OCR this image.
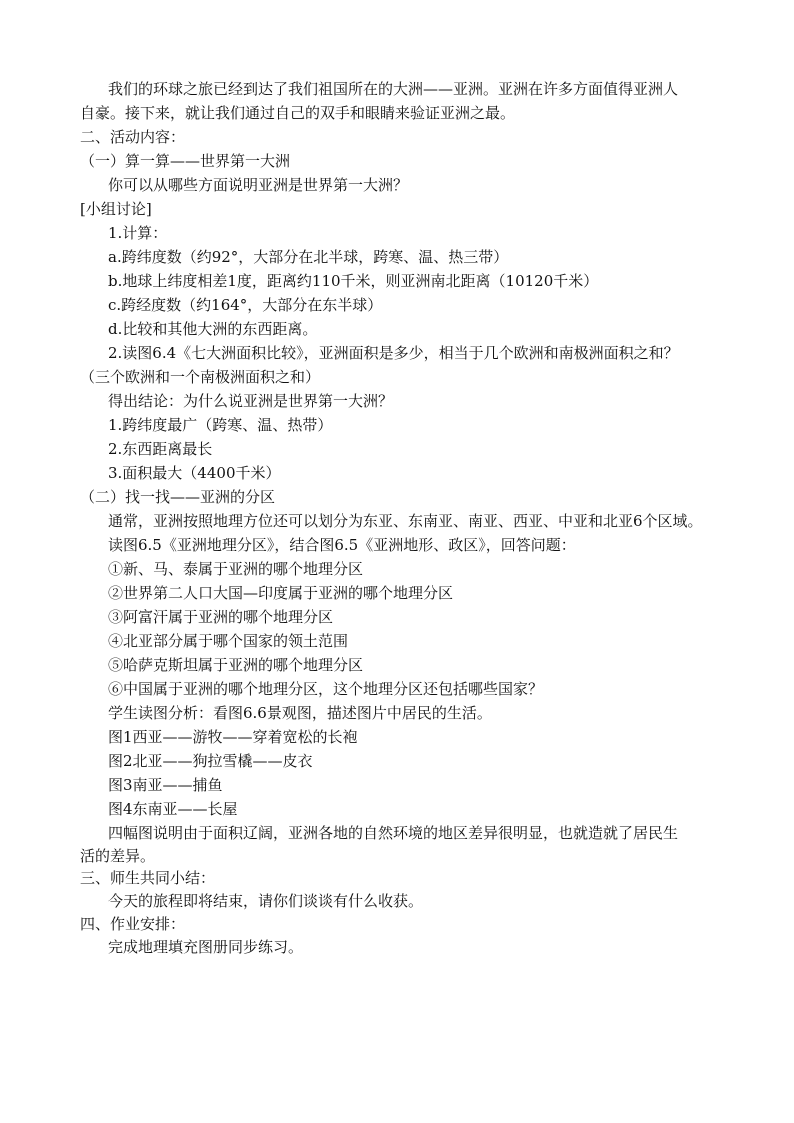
我们的环球之旅已经到达了我们祖国所在的大洲——亚洲。亚洲在许多方面值得亚洲人
自豪。接下来，就让我们通过自己的双手和眼睛来验证亚洲之最。
二、活动内容：
（一）算一算——世界第一大洲
你可以从哪些方面说明亚洲是世界第一大洲？
[小组讨论]
1.计算：
a.跨纬度数（约92°，大部分在北半球，跨寒、温、热三带）
b.地球上纬度相差1度，距离约110千米，则亚洲南北距离（10120千米）
c.跨经度数（约164°，大部分在东半球）
d.比较和其他大洲的东西距离。
2.读图6.4《七大洲面积比较》，亚洲面积是多少，相当于几个欧洲和南极洲面积之和？
（三个欧洲和一个南极洲面积之和）
得出结论：为什么说亚洲是世界第一大洲？
1.跨纬度最广（跨寒、温、热带）
2.东西距离最长
3.面积最大（4400千米）
（二）找一找——亚洲的分区
通常，亚洲按照地理方位还可以划分为东亚、东南亚、南亚、西亚、中亚和北亚6个区域。
读图6.5《亚洲地理分区》，结合图6.5《亚洲地形、政区》，回答问题：
①新、马、泰属于亚洲的哪个地理分区
②世界第二人口大国—印度属于亚洲的哪个地理分区
③阿富汗属于亚洲的哪个地理分区
④北亚部分属于哪个国家的领土范围
⑤哈萨克斯坦属于亚洲的哪个地理分区
⑥中国属于亚洲的哪个地理分区，这个地理分区还包括哪些国家？
学生读图分析：看图6.6景观图，描述图片中居民的生活。
图1西亚——游牧——穿着宽松的长袍
图2北亚——狗拉雪橇——皮衣
图3南亚——捕鱼
图4东南亚——长屋
四幅图说明由于面积辽阔，亚洲各地的自然环境的地区差异很明显，也就造就了居民生
活的差异。
三、师生共同小结：
今天的旅程即将结束，请你们谈谈有什么收获。
四、作业安排：
完成地理填充图册同步练习。
